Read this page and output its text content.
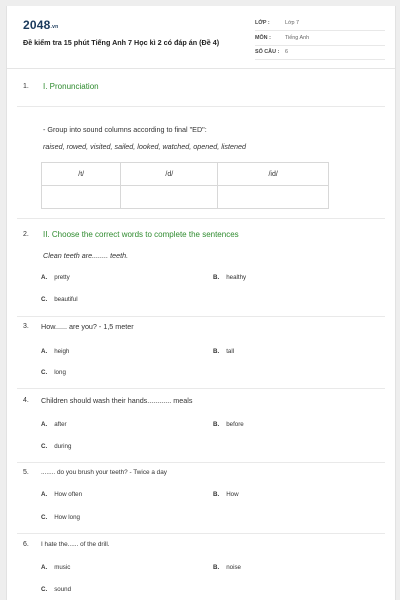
2048.vn
Đề kiểm tra 15 phút Tiếng Anh 7 Học kì 2 có đáp án (Đề 4)
LỚP :	Lớp 7
MÔN :	Tiếng Anh
SỐ CÂU : 6
1. I. Pronunciation
- Group into sound columns according to final "ED":
raised, rowed, visited, sailed, looked, watched, opened, listened
/t/	/d/	/id/

2. II. Choose the correct words to complete the sentences
Clean teeth are........ teeth.
A. pretty	B. healthy
C. beautiful
3. How...... are you? - 1,5 meter
A. heigh	B. tall
C. long
4. Children should wash their hands............ meals
A. after	B. before
C. during
5. ........ do you brush your teeth? - Twice a day
A. How often	B. How
C. How long
6. I hate the...... of the drill.
A. music	B. noise
C. sound
